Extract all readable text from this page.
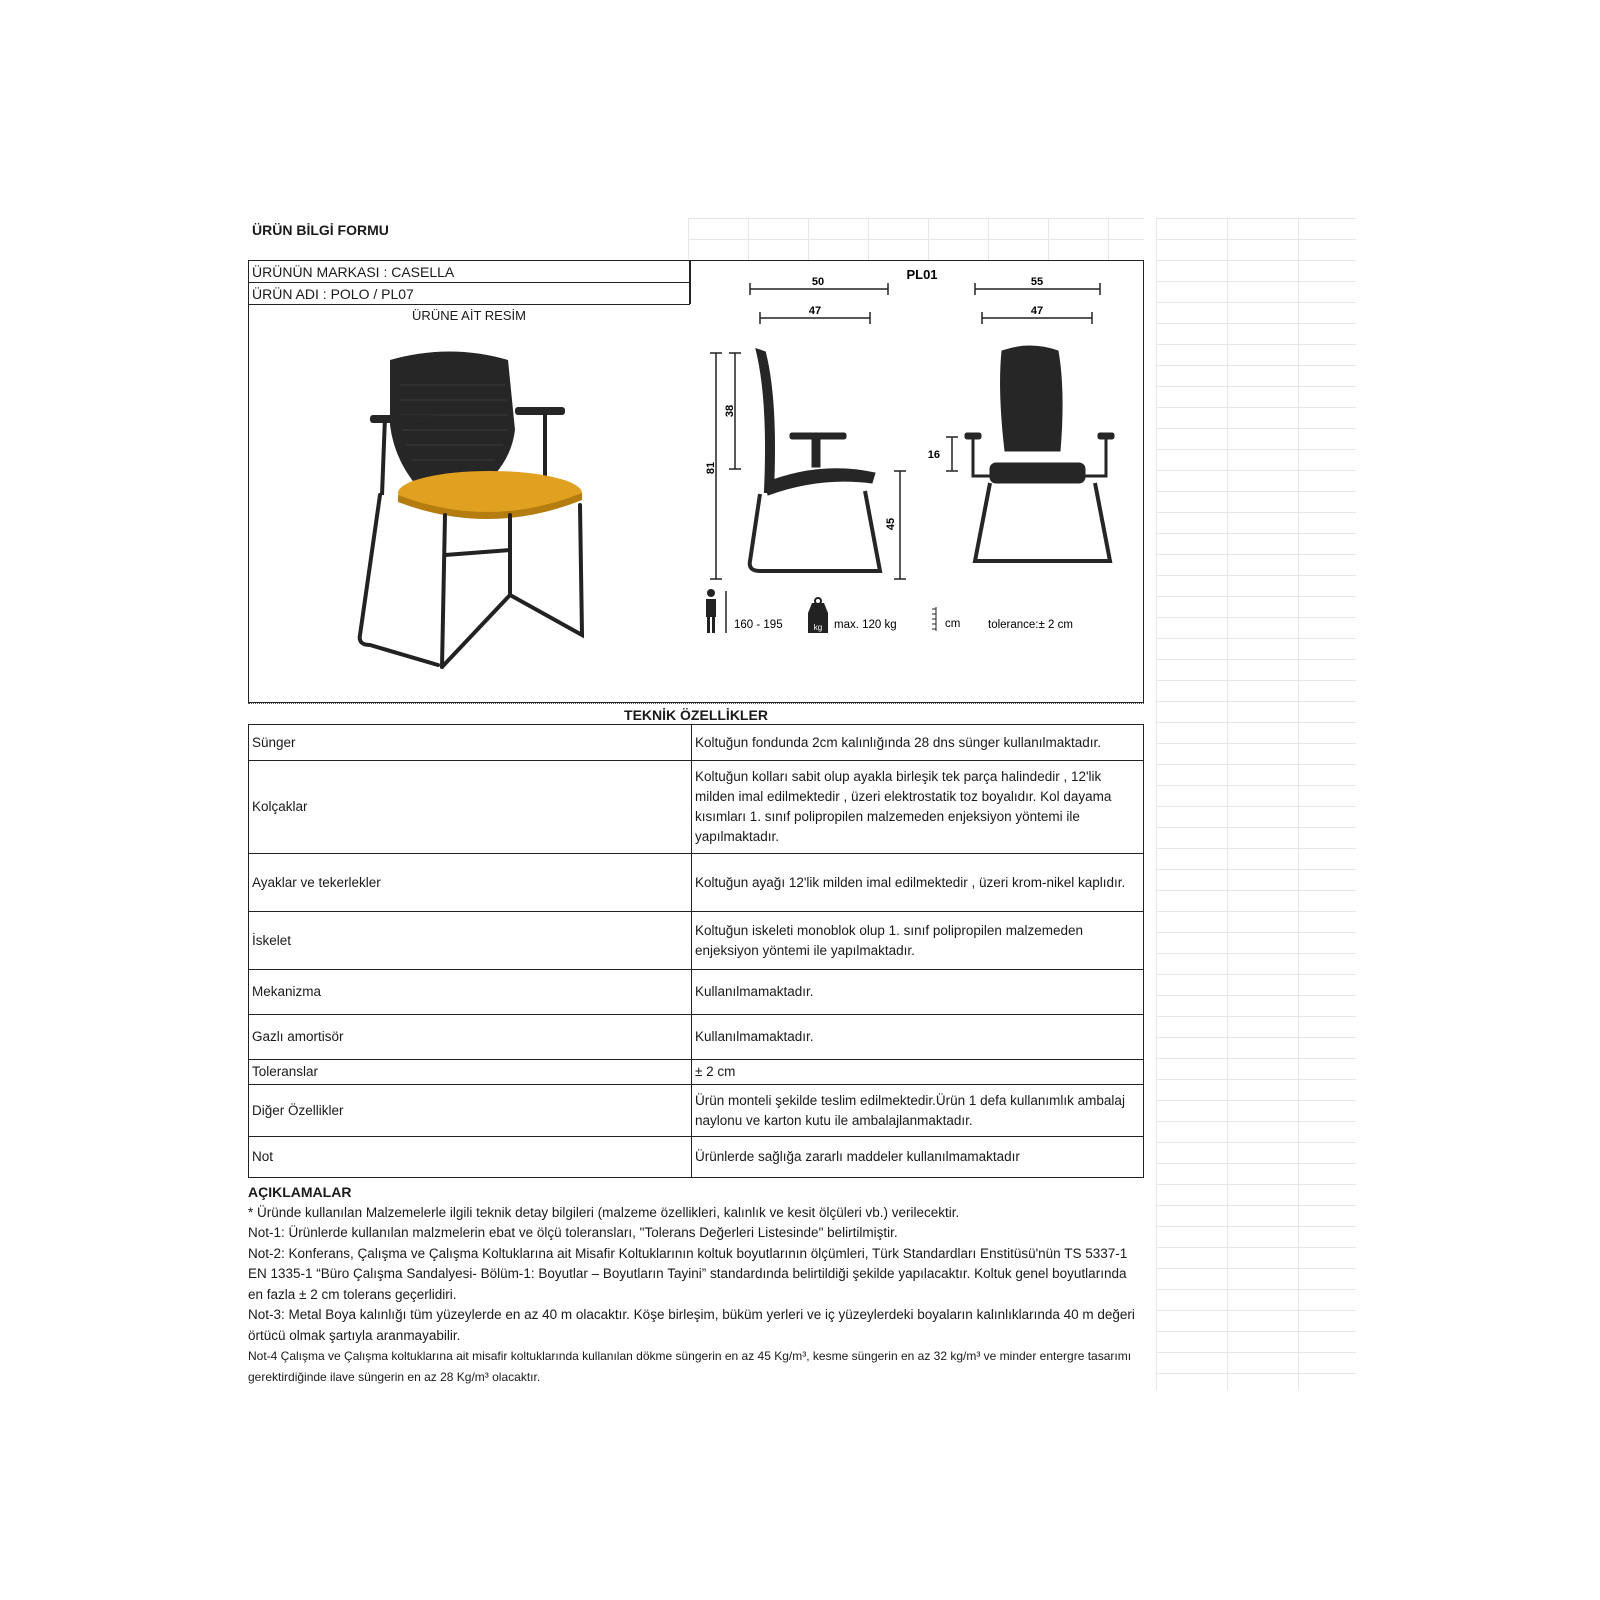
ÜRÜN BİLGİ FORMU
ÜRÜNÜN MARKASI : CASELLA
ÜRÜN ADI : POLO / PL07
ÜRÜNE AİT RESİM
PL01
50
47
55
47
81
38
45
16
160 - 195	kg max. 120 kg	cm tolerance:± 2 cm
TEKNİK ÖZELLİKLER
Sünger	Koltuğun fondunda 2cm kalınlığında 28 dns sünger kullanılmaktadır.
Kolçaklar	Koltuğun kolları sabit olup ayakla birleşik tek parça halindedir , 12'lik milden imal edilmektedir , üzeri elektrostatik toz boyalıdır. Kol dayama kısımları 1. sınıf polipropilen malzemeden enjeksiyon yöntemi ile yapılmaktadır.
Ayaklar ve tekerlekler	Koltuğun ayağı 12'lik milden imal edilmektedir , üzeri krom-nikel kaplıdır.
İskelet	Koltuğun iskeleti monoblok olup 1. sınıf polipropilen malzemeden enjeksiyon yöntemi ile yapılmaktadır.
Mekanizma	Kullanılmamaktadır.
Gazlı amortisör	Kullanılmamaktadır.
Toleranslar	± 2 cm
Diğer Özellikler	Ürün monteli şekilde teslim edilmektedir.Ürün 1 defa kullanımlık ambalaj naylonu ve karton kutu ile ambalajlanmaktadır.
Not	Ürünlerde sağlığa zararlı maddeler kullanılmamaktadır
AÇIKLAMALAR
* Üründe kullanılan Malzemelerle ilgili teknik detay bilgileri (malzeme özellikleri, kalınlık ve kesit ölçüleri vb.) verilecektir.
Not-1: Ürünlerde kullanılan malzmelerin ebat ve ölçü toleransları, "Tolerans Değerleri Listesinde" belirtilmiştir.
Not-2: Konferans, Çalışma ve Çalışma Koltuklarına ait Misafir Koltuklarının koltuk boyutlarının ölçümleri, Türk Standardları Enstitüsü'nün TS 5337-1 EN 1335-1 “Büro Çalışma Sandalyesi- Bölüm-1: Boyutlar – Boyutların Tayini” standardında belirtildiği şekilde yapılacaktır. Koltuk genel boyutlarında en fazla ± 2 cm tolerans geçerlidiri.
Not-3: Metal Boya kalınlığı tüm yüzeylerde en az 40 m olacaktır. Köşe birleşim, büküm yerleri ve iç yüzeylerdeki boyaların kalınlıklarında 40 m değeri örtücü olmak şartıyla aranmayabilir.
Not-4 Çalışma ve Çalışma koltuklarına ait misafir koltuklarında kullanılan dökme süngerin en az 45 Kg/m³, kesme süngerin en az 32 kg/m³ ve minder entergre tasarımı gerektirdiğinde ilave süngerin en az 28 Kg/m³ olacaktır.
